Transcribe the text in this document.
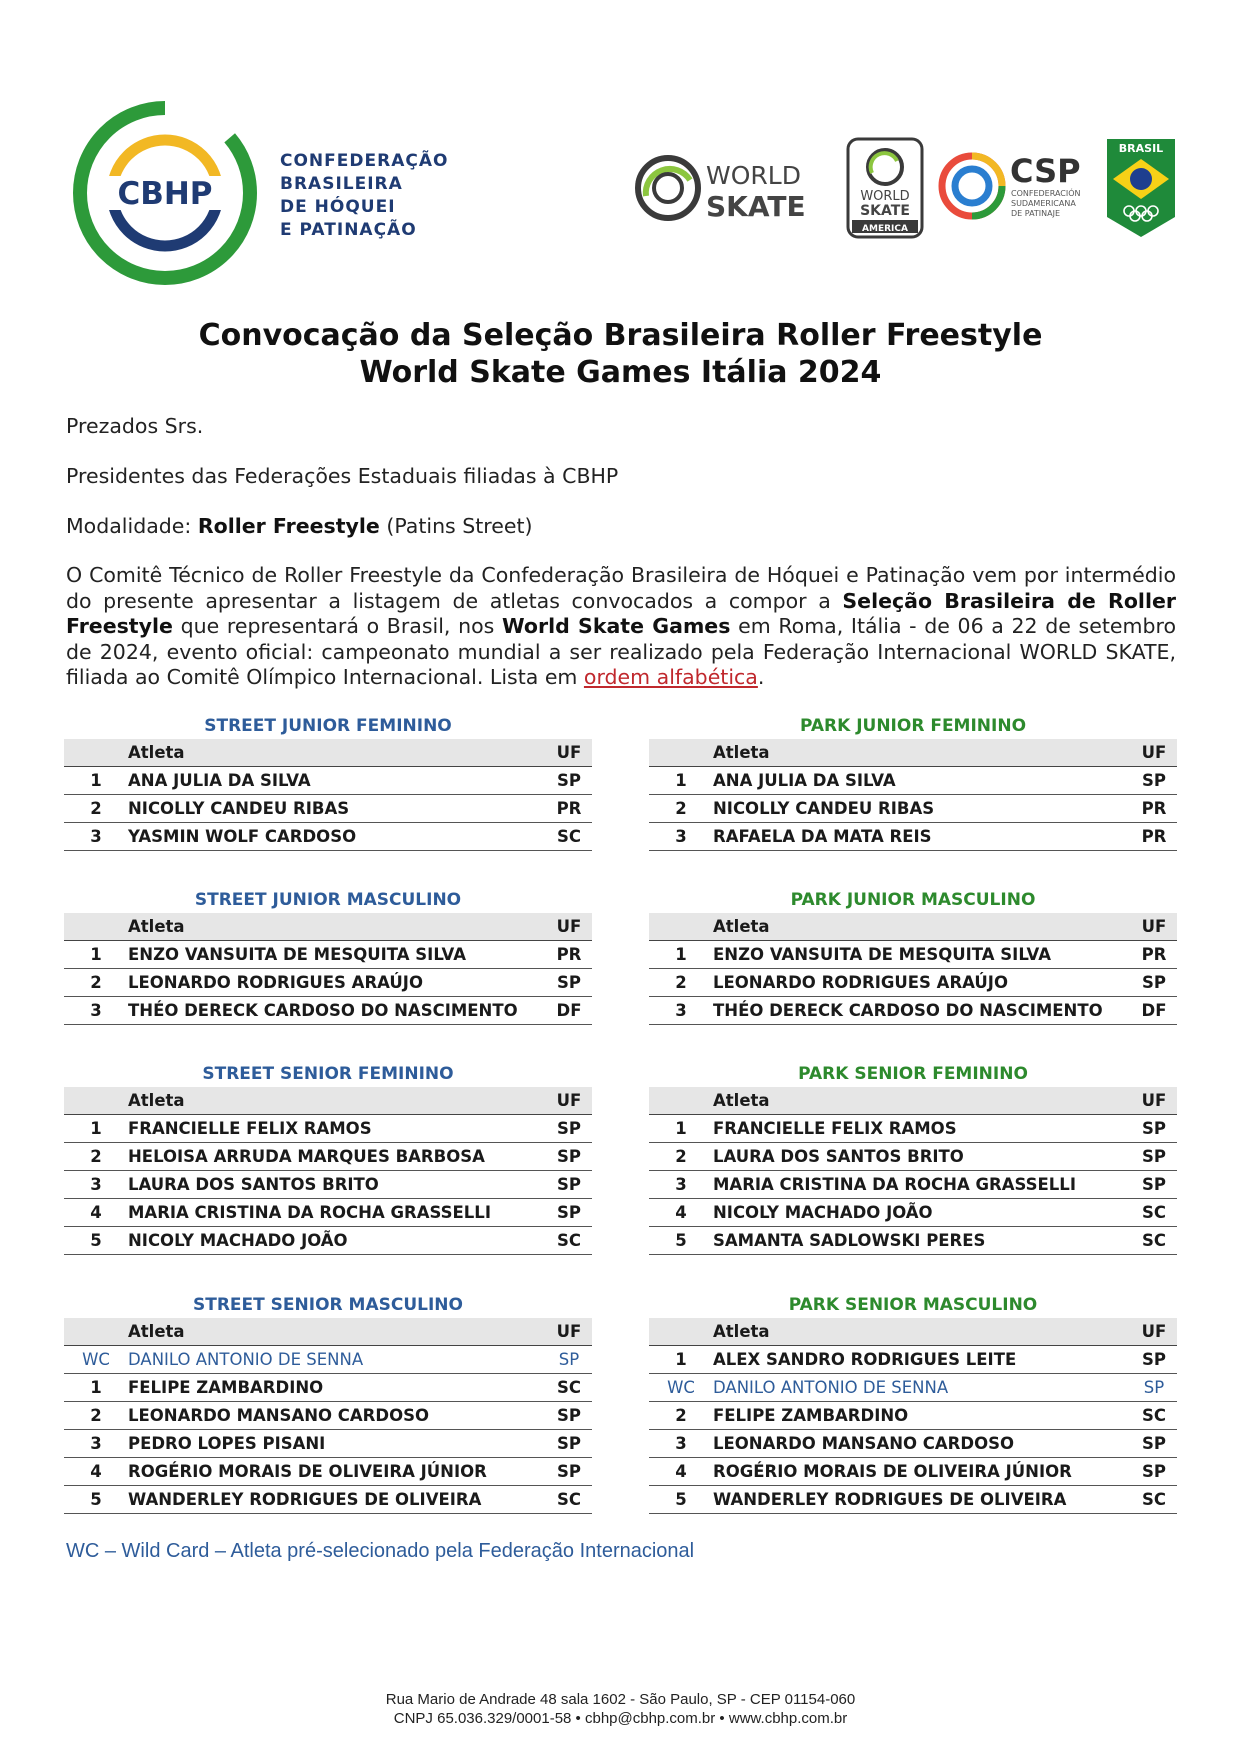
CBHP
CONFEDERAÇÃO
BRASILEIRA
DE HÓQUEI
E PATINAÇÃO
WORLD
SKATE	WORLD
SKATE
AMERICA
CSP
CONFEDERACIÓN
SUDAMERICANA
DE PATINAJE
BRASIL
Convocação da Seleção Brasileira Roller Freestyle
World Skate Games Itália 2024
Prezados Srs.
Presidentes das Federações Estaduais filiadas à CBHP
Modalidade: Roller Freestyle (Patins Street)
O Comitê Técnico de Roller Freestyle da Confederação Brasileira de Hóquei e Patinação vem por intermédio do presente apresentar a listagem de atletas convocados a compor a Seleção Brasileira de Roller Freestyle que representará o Brasil, nos World Skate Games em Roma, Itália - de 06 a 22 de setembro de 2024, evento oficial: campeonato mundial a ser realizado pela Federação Internacional WORLD SKATE, filiada ao Comitê Olímpico Internacional. Lista em ordem alfabética.
STREET JUNIOR FEMININO
Atleta	UF
1	ANA JULIA DA SILVA	SP
2	NICOLLY CANDEU RIBAS	PR
3	YASMIN WOLF CARDOSO	SC
PARK JUNIOR FEMININO
Atleta	UF
1	ANA JULIA DA SILVA	SP
2	NICOLLY CANDEU RIBAS	PR
3	RAFAELA DA MATA REIS	PR
STREET JUNIOR MASCULINO
Atleta	UF
1	ENZO VANSUITA DE MESQUITA SILVA	PR
2	LEONARDO RODRIGUES ARAÚJO	SP
3	THÉO DERECK CARDOSO DO NASCIMENTO	DF
PARK JUNIOR MASCULINO
Atleta	UF
1	ENZO VANSUITA DE MESQUITA SILVA	PR
2	LEONARDO RODRIGUES ARAÚJO	SP
3	THÉO DERECK CARDOSO DO NASCIMENTO	DF
STREET SENIOR FEMININO
Atleta	UF
1	FRANCIELLE FELIX RAMOS	SP
2	HELOISA ARRUDA MARQUES BARBOSA	SP
3	LAURA DOS SANTOS BRITO	SP
4	MARIA CRISTINA DA ROCHA GRASSELLI	SP
5	NICOLY MACHADO JOÃO	SC
PARK SENIOR FEMININO
Atleta	UF
1	FRANCIELLE FELIX RAMOS	SP
2	LAURA DOS SANTOS BRITO	SP
3	MARIA CRISTINA DA ROCHA GRASSELLI	SP
4	NICOLY MACHADO JOÃO	SC
5	SAMANTA SADLOWSKI PERES	SC
STREET SENIOR MASCULINO
Atleta	UF
WC	DANILO ANTONIO DE SENNA	SP
1	FELIPE ZAMBARDINO	SC
2	LEONARDO MANSANO CARDOSO	SP
3	PEDRO LOPES PISANI	SP
4	ROGÉRIO MORAIS DE OLIVEIRA JÚNIOR	SP
5	WANDERLEY RODRIGUES DE OLIVEIRA	SC
PARK SENIOR MASCULINO
Atleta	UF
1	ALEX SANDRO RODRIGUES LEITE	SP
WC	DANILO ANTONIO DE SENNA	SP
2	FELIPE ZAMBARDINO	SC
3	LEONARDO MANSANO CARDOSO	SP
4	ROGÉRIO MORAIS DE OLIVEIRA JÚNIOR	SP
5	WANDERLEY RODRIGUES DE OLIVEIRA	SC
WC – Wild Card – Atleta pré-selecionado pela Federação Internacional
Rua Mario de Andrade 48 sala 1602 - São Paulo, SP - CEP 01154-060
CNPJ 65.036.329/0001-58 • cbhp@cbhp.com.br • www.cbhp.com.br
